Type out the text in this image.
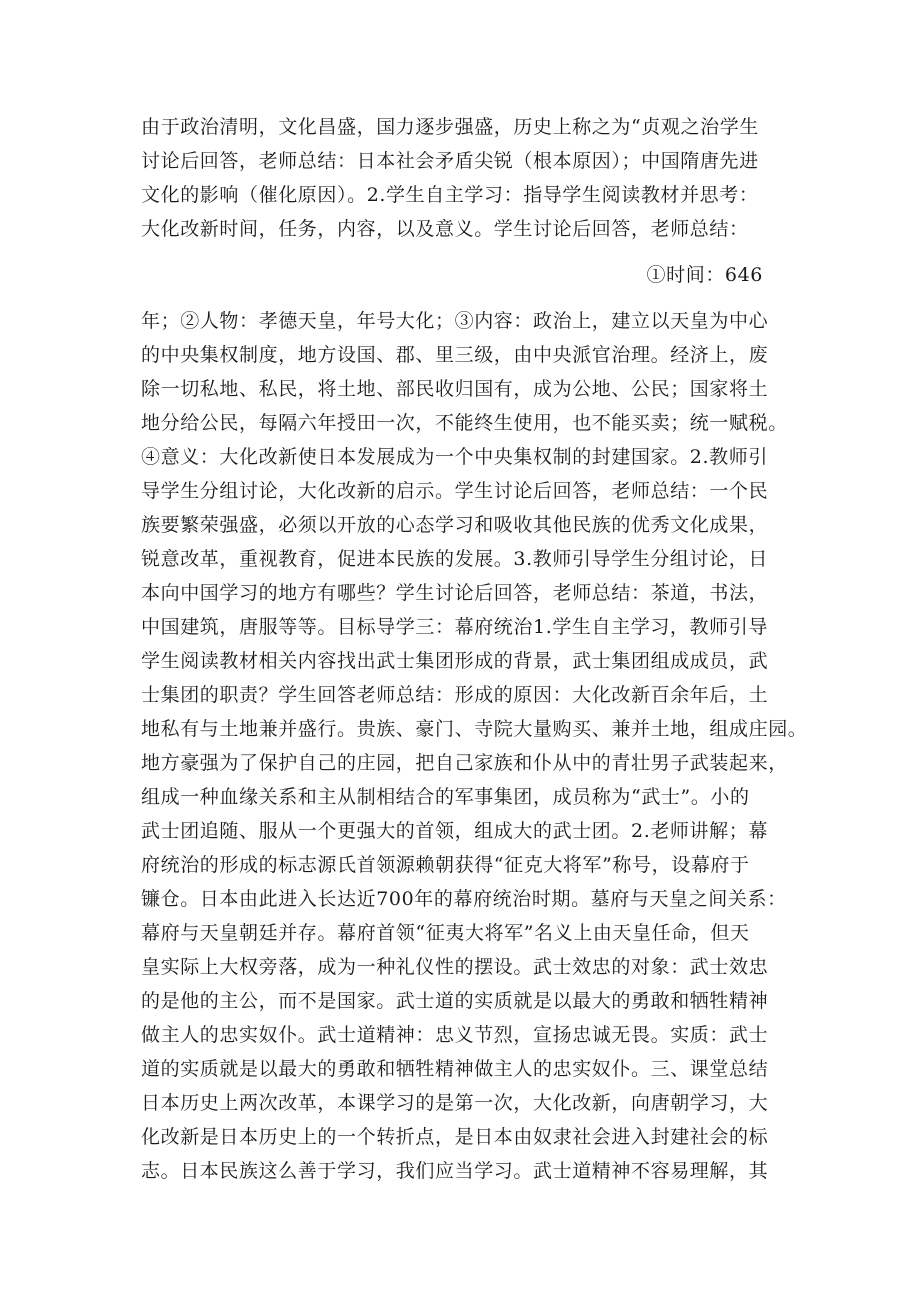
由于政治清明，文化昌盛，国力逐步强盛，历史上称之为“贞观之治学生
讨论后回答，老师总结：日本社会矛盾尖锐（根本原因）；中国隋唐先进
文化的影响（催化原因）。2.学生自主学习：指导学生阅读教材并思考：
大化改新时间，任务，内容，以及意义。学生讨论后回答，老师总结：
①时间：646
年；②人物：孝德天皇，年号大化；③内容：政治上，建立以天皇为中心
的中央集权制度，地方设国、郡、里三级，由中央派官治理。经济上，废
除一切私地、私民，将土地、部民收归国有，成为公地、公民；国家将土
地分给公民，每隔六年授田一次，不能终生使用，也不能买卖；统一赋税。
④意义：大化改新使日本发展成为一个中央集权制的封建国家。2.教师引
导学生分组讨论，大化改新的启示。学生讨论后回答，老师总结：一个民
族要繁荣强盛，必须以开放的心态学习和吸收其他民族的优秀文化成果，
锐意改革，重视教育，促进本民族的发展。3.教师引导学生分组讨论，日
本向中国学习的地方有哪些？学生讨论后回答，老师总结：茶道，书法，
中国建筑，唐服等等。目标导学三：幕府统治1.学生自主学习，教师引导
学生阅读教材相关内容找出武士集团形成的背景，武士集团组成成员，武
士集团的职责？学生回答老师总结：形成的原因：大化改新百余年后，土
地私有与土地兼并盛行。贵族、豪门、寺院大量购买、兼并土地，组成庄园。
地方豪强为了保护自己的庄园，把自己家族和仆从中的青壮男子武装起来，
组成一种血缘关系和主从制相结合的军事集团，成员称为“武士”。小的
武士团追随、服从一个更强大的首领，组成大的武士团。2.老师讲解；幕
府统治的形成的标志源氏首领源赖朝获得“征克大将军”称号，设幕府于
镰仓。日本由此进入长达近700年的幕府统治时期。墓府与天皇之间关系：
幕府与天皇朝廷并存。幕府首领“征夷大将军”名义上由天皇任命，但天
皇实际上大权旁落，成为一种礼仪性的摆设。武士效忠的对象：武士效忠
的是他的主公，而不是国家。武士道的实质就是以最大的勇敢和牺牲精神
做主人的忠实奴仆。武士道精神：忠义节烈，宣扬忠诚无畏。实质：武士
道的实质就是以最大的勇敢和牺牲精神做主人的忠实奴仆。三、课堂总结
日本历史上两次改革，本课学习的是第一次，大化改新，向唐朝学习，大
化改新是日本历史上的一个转折点，是日本由奴隶社会进入封建社会的标
志。日本民族这么善于学习，我们应当学习。武士道精神不容易理解，其
